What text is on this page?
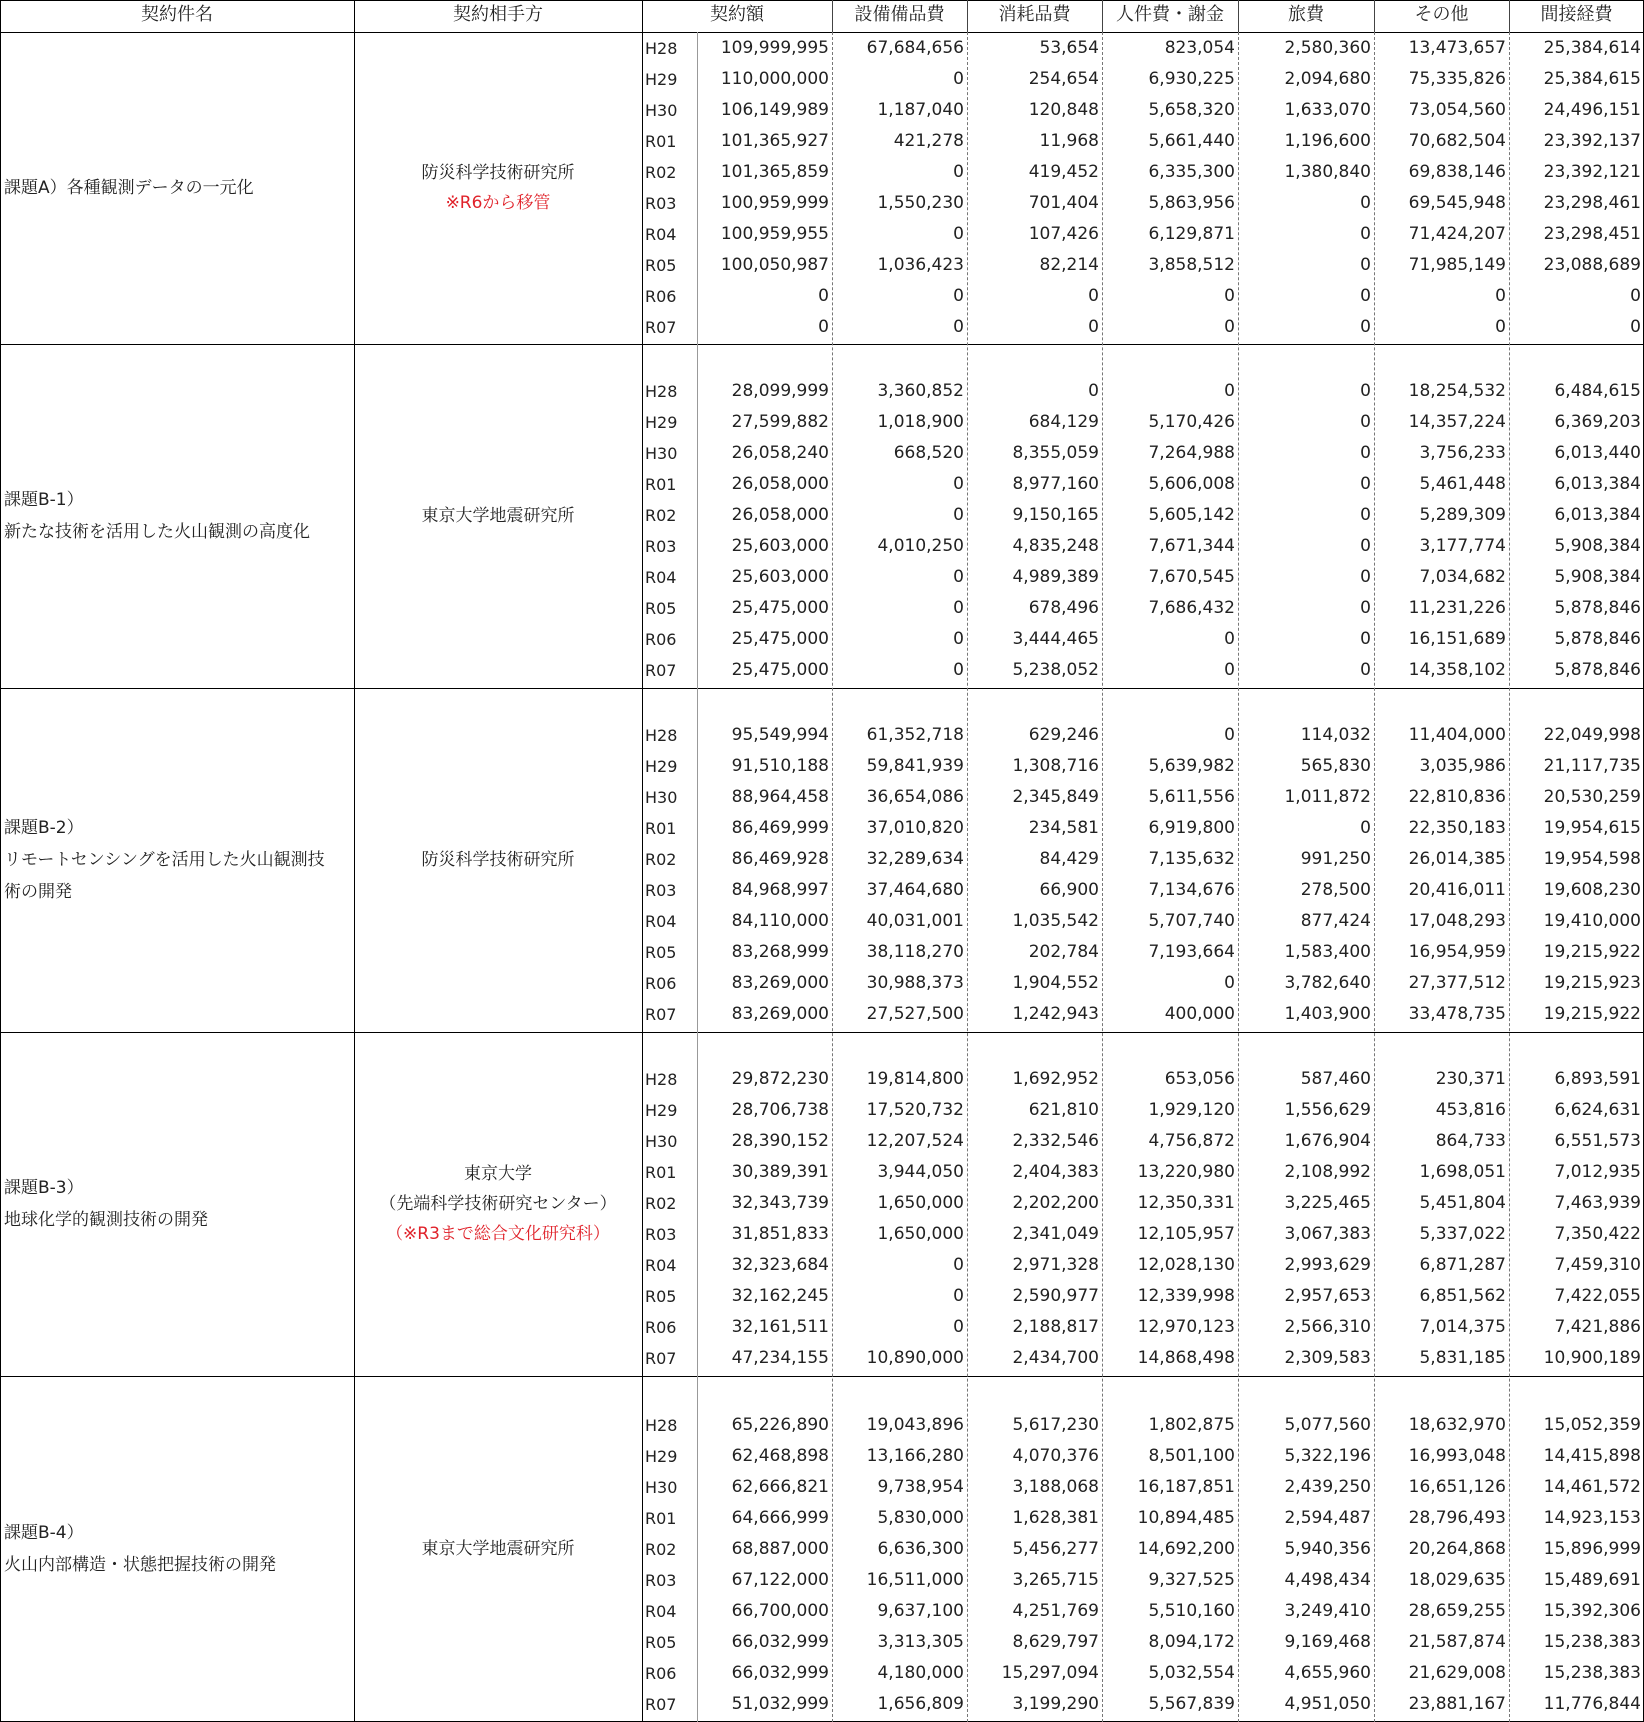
契約件名	契約相手方	契約額	設備備品費	消耗品費	人件費・謝金	旅費	その他	間接経費
課題A）各種観測データの一元化
防災科学技術研究所
※R6から移管
H28	109,999,995	67,684,656	53,654	823,054	2,580,360	13,473,657	25,384,614
H29	110,000,000	0	254,654	6,930,225	2,094,680	75,335,826	25,384,615
H30	106,149,989	1,187,040	120,848	5,658,320	1,633,070	73,054,560	24,496,151
R01	101,365,927	421,278	11,968	5,661,440	1,196,600	70,682,504	23,392,137
R02	101,365,859	0	419,452	6,335,300	1,380,840	69,838,146	23,392,121
R03	100,959,999	1,550,230	701,404	5,863,956	0	69,545,948	23,298,461
R04	100,959,955	0	107,426	6,129,871	0	71,424,207	23,298,451
R05	100,050,987	1,036,423	82,214	3,858,512	0	71,985,149	23,088,689
R06	0	0	0	0	0	0	0
R07	0	0	0	0	0	0	0
課題B-1）
新たな技術を活用した火山観測の高度化
東京大学地震研究所
H28	28,099,999	3,360,852	0	0	0	18,254,532	6,484,615
H29	27,599,882	1,018,900	684,129	5,170,426	0	14,357,224	6,369,203
H30	26,058,240	668,520	8,355,059	7,264,988	0	3,756,233	6,013,440
R01	26,058,000	0	8,977,160	5,606,008	0	5,461,448	6,013,384
R02	26,058,000	0	9,150,165	5,605,142	0	5,289,309	6,013,384
R03	25,603,000	4,010,250	4,835,248	7,671,344	0	3,177,774	5,908,384
R04	25,603,000	0	4,989,389	7,670,545	0	7,034,682	5,908,384
R05	25,475,000	0	678,496	7,686,432	0	11,231,226	5,878,846
R06	25,475,000	0	3,444,465	0	0	16,151,689	5,878,846
R07	25,475,000	0	5,238,052	0	0	14,358,102	5,878,846
課題B-2）
リモートセンシングを活用した火山観測技
術の開発
防災科学技術研究所
H28	95,549,994	61,352,718	629,246	0	114,032	11,404,000	22,049,998
H29	91,510,188	59,841,939	1,308,716	5,639,982	565,830	3,035,986	21,117,735
H30	88,964,458	36,654,086	2,345,849	5,611,556	1,011,872	22,810,836	20,530,259
R01	86,469,999	37,010,820	234,581	6,919,800	0	22,350,183	19,954,615
R02	86,469,928	32,289,634	84,429	7,135,632	991,250	26,014,385	19,954,598
R03	84,968,997	37,464,680	66,900	7,134,676	278,500	20,416,011	19,608,230
R04	84,110,000	40,031,001	1,035,542	5,707,740	877,424	17,048,293	19,410,000
R05	83,268,999	38,118,270	202,784	7,193,664	1,583,400	16,954,959	19,215,922
R06	83,269,000	30,988,373	1,904,552	0	3,782,640	27,377,512	19,215,923
R07	83,269,000	27,527,500	1,242,943	400,000	1,403,900	33,478,735	19,215,922
課題B-3）
地球化学的観測技術の開発
東京大学
（先端科学技術研究センター）
（※R3まで総合文化研究科）
H28	29,872,230	19,814,800	1,692,952	653,056	587,460	230,371	6,893,591
H29	28,706,738	17,520,732	621,810	1,929,120	1,556,629	453,816	6,624,631
H30	28,390,152	12,207,524	2,332,546	4,756,872	1,676,904	864,733	6,551,573
R01	30,389,391	3,944,050	2,404,383	13,220,980	2,108,992	1,698,051	7,012,935
R02	32,343,739	1,650,000	2,202,200	12,350,331	3,225,465	5,451,804	7,463,939
R03	31,851,833	1,650,000	2,341,049	12,105,957	3,067,383	5,337,022	7,350,422
R04	32,323,684	0	2,971,328	12,028,130	2,993,629	6,871,287	7,459,310
R05	32,162,245	0	2,590,977	12,339,998	2,957,653	6,851,562	7,422,055
R06	32,161,511	0	2,188,817	12,970,123	2,566,310	7,014,375	7,421,886
R07	47,234,155	10,890,000	2,434,700	14,868,498	2,309,583	5,831,185	10,900,189
課題B-4）
火山内部構造・状態把握技術の開発
東京大学地震研究所
H28	65,226,890	19,043,896	5,617,230	1,802,875	5,077,560	18,632,970	15,052,359
H29	62,468,898	13,166,280	4,070,376	8,501,100	5,322,196	16,993,048	14,415,898
H30	62,666,821	9,738,954	3,188,068	16,187,851	2,439,250	16,651,126	14,461,572
R01	64,666,999	5,830,000	1,628,381	10,894,485	2,594,487	28,796,493	14,923,153
R02	68,887,000	6,636,300	5,456,277	14,692,200	5,940,356	20,264,868	15,896,999
R03	67,122,000	16,511,000	3,265,715	9,327,525	4,498,434	18,029,635	15,489,691
R04	66,700,000	9,637,100	4,251,769	5,510,160	3,249,410	28,659,255	15,392,306
R05	66,032,999	3,313,305	8,629,797	8,094,172	9,169,468	21,587,874	15,238,383
R06	66,032,999	4,180,000	15,297,094	5,032,554	4,655,960	21,629,008	15,238,383
R07	51,032,999	1,656,809	3,199,290	5,567,839	4,951,050	23,881,167	11,776,844
